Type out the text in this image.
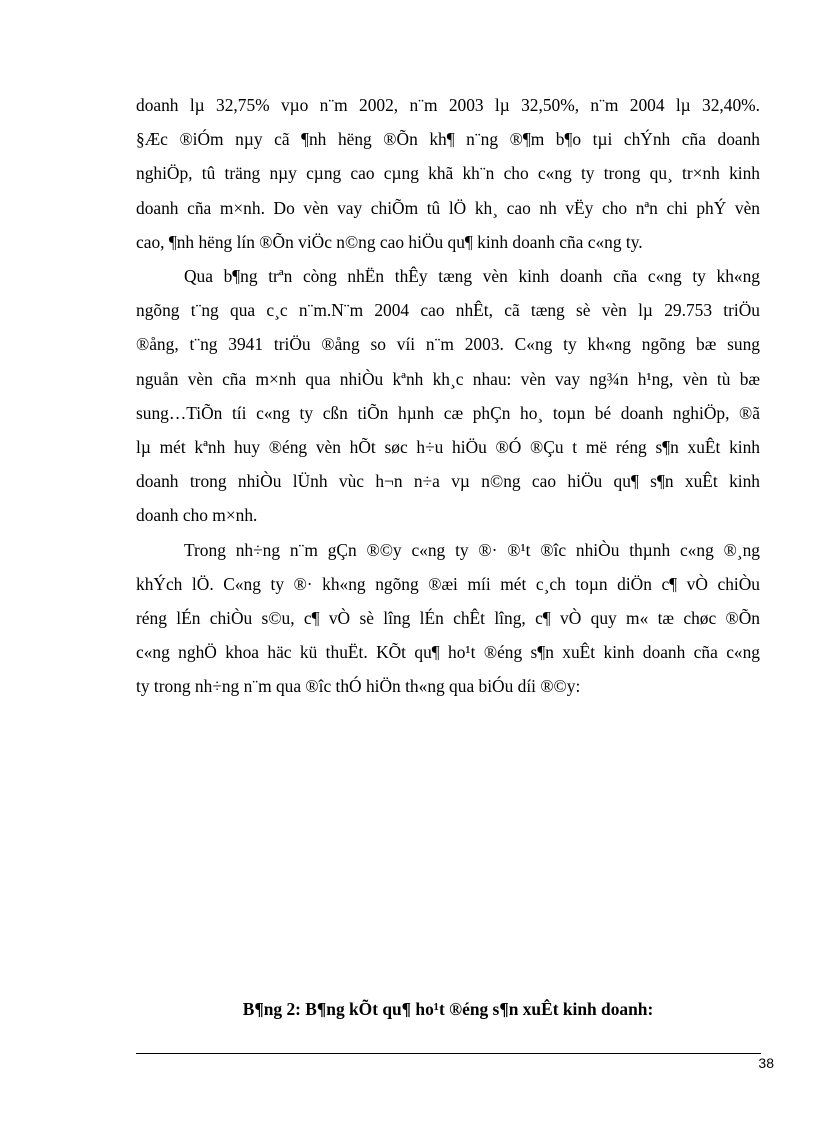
doanh lµ 32,75% vµo n¨m 2002, n¨m 2003 lµ 32,50%, n¨m 2004 lµ 32,40%.
§Æc ®iÓm nµy cã ¶nh hëng ®Õn kh¶ n¨ng ®¶m b¶o tµi chÝnh cña doanh
nghiÖp, tû träng nµy cµng cao cµng khã kh¨n cho c«ng ty trong qu¸ tr×nh kinh
doanh cña m×nh. Do vèn vay chiÕm tû lÖ kh¸ cao nh vËy cho nªn chi phÝ vèn
cao, ¶nh hëng lín ®Õn viÖc n©ng cao hiÖu qu¶ kinh doanh cña c«ng ty.

Qua b¶ng trªn còng nhËn thÊy tæng vèn kinh doanh cña c«ng ty kh«ng
ngõng t¨ng qua c¸c n¨m.N¨m 2004 cao nhÊt, cã tæng sè vèn lµ 29.753 triÖu
®ång, t¨ng 3941 triÖu ®ång so víi n¨m 2003. C«ng ty kh«ng ngõng bæ sung
nguån vèn cña m×nh qua nhiÒu kªnh kh¸c nhau: vèn vay ng¾n h¹ng, vèn tù bæ
sung…TiÕn tíi c«ng ty cßn tiÕn hµnh cæ phÇn ho¸ toµn bé doanh nghiÖp, ®ã
lµ mét kªnh huy ®éng vèn hÕt søc h÷u hiÖu ®Ó ®Çu t më réng s¶n xuÊt kinh
doanh trong nhiÒu lÜnh vùc h¬n n÷a vµ n©ng cao hiÖu qu¶ s¶n xuÊt kinh
doanh cho m×nh.

Trong nh÷ng n¨m gÇn ®©y c«ng ty ®· ®¹t ®îc nhiÒu thµnh c«ng ®¸ng
khÝch lÖ. C«ng ty ®· kh«ng ngõng ®æi míi mét c¸ch toµn diÖn c¶ vÒ chiÒu
réng lÉn chiÒu s©u, c¶ vÒ sè lîng lÉn chÊt lîng, c¶ vÒ quy m« tæ chøc ®Õn
c«ng nghÖ khoa häc kü thuËt. KÕt qu¶ ho¹t ®éng s¶n xuÊt kinh doanh cña c«ng
ty trong nh÷ng n¨m qua ®îc thÓ hiÖn th«ng qua biÓu díi ®©y:

B¶ng 2: B¶ng kÕt qu¶ ho¹t ®éng s¶n xuÊt kinh doanh:
38
